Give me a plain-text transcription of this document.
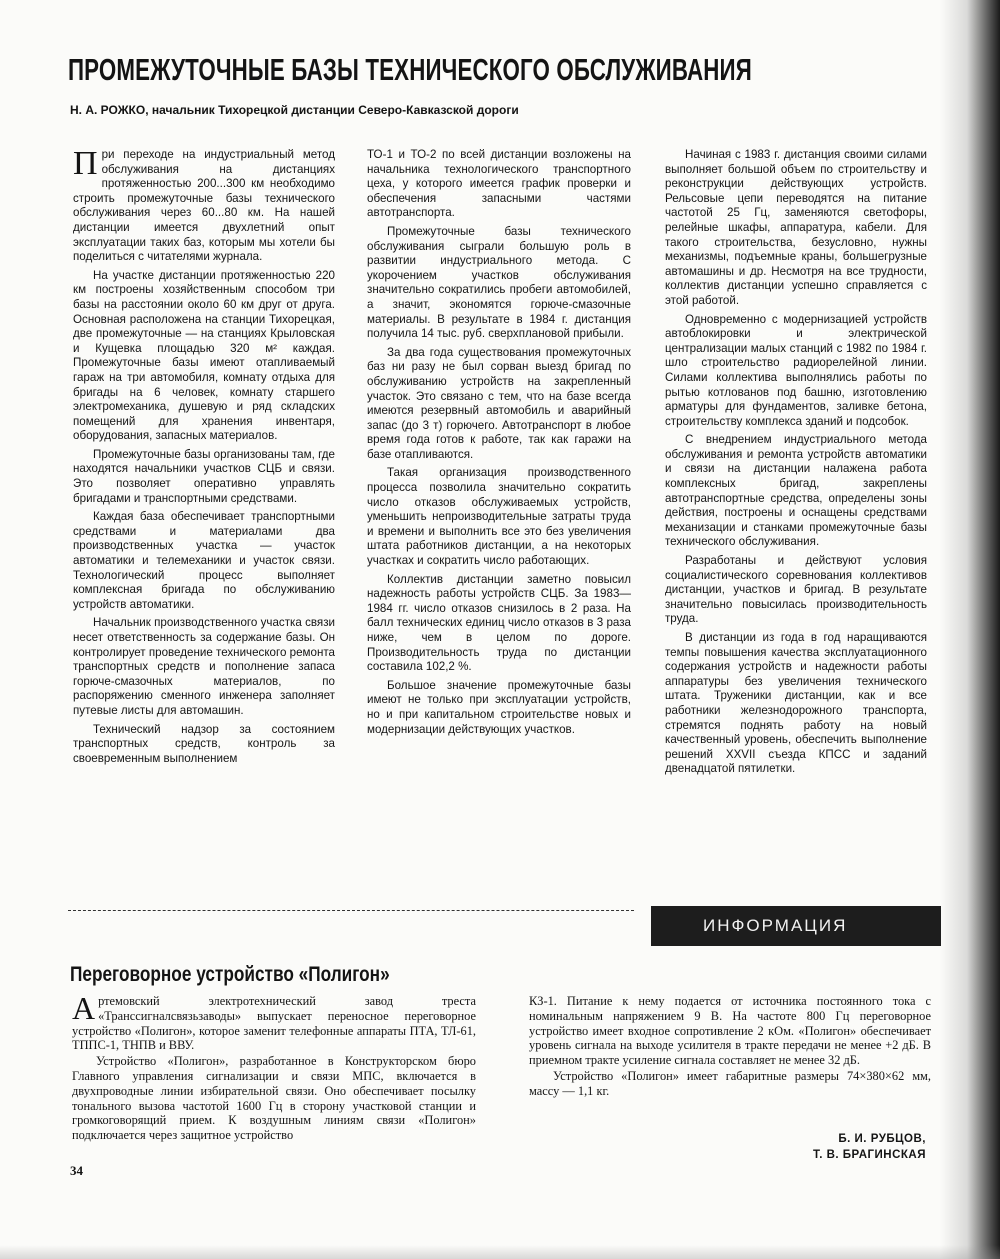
ПРОМЕЖУТОЧНЫЕ БАЗЫ ТЕХНИЧЕСКОГО ОБСЛУЖИВАНИЯ

Н. А. РОЖКО, начальник Тихорецкой дистанции Северо-Кавказской дороги

При переходе на индустриальный метод обслуживания на дистанциях протяженностью 200...300 км необходимо строить промежуточные базы технического обслуживания через 60...80 км. На нашей дистанции имеется двухлетний опыт эксплуатации таких баз, которым мы хотели бы поделиться с читателями журнала.

На участке дистанции протяженностью 220 км построены хозяйственным способом три базы на расстоянии около 60 км друг от друга. Основная расположена на станции Тихорецкая, две промежуточные — на станциях Крыловская и Кущевка площадью 320 м² каждая. Промежуточные базы имеют отапливаемый гараж на три автомобиля, комнату отдыха для бригады на 6 человек, комнату старшего электромеханика, душевую и ряд складских помещений для хранения инвентаря, оборудования, запасных материалов.

Промежуточные базы организованы там, где находятся начальники участков СЦБ и связи. Это позволяет оперативно управлять бригадами и транспортными средствами.

Каждая база обеспечивает транспортными средствами и материалами два производственных участка — участок автоматики и телемеханики и участок связи. Технологический процесс выполняет комплексная бригада по обслуживанию устройств автоматики.

Начальник производственного участка связи несет ответственность за содержание базы. Он контролирует проведение технического ремонта транспортных средств и пополнение запаса горюче-смазочных материалов, по распоряжению сменного инженера заполняет путевые листы для автомашин.

Технический надзор за состоянием транспортных средств, контроль за своевременным выполнением

ТО-1 и ТО-2 по всей дистанции возложены на начальника технологического транспортного цеха, у которого имеется график проверки и обеспечения запасными частями автотранспорта.

Промежуточные базы технического обслуживания сыграли большую роль в развитии индустриального метода. С укорочением участков обслуживания значительно сократились пробеги автомобилей, а значит, экономятся горюче-смазочные материалы. В результате в 1984 г. дистанция получила 14 тыс. руб. сверхплановой прибыли.

За два года существования промежуточных баз ни разу не был сорван выезд бригад по обслуживанию устройств на закрепленный участок. Это связано с тем, что на базе всегда имеются резервный автомобиль и аварийный запас (до 3 т) горючего. Автотранспорт в любое время года готов к работе, так как гаражи на базе отапливаются.

Такая организация производственного процесса позволила значительно сократить число отказов обслуживаемых устройств, уменьшить непроизводительные затраты труда и времени и выполнить все это без увеличения штата работников дистанции, а на некоторых участках и сократить число работающих.

Коллектив дистанции заметно повысил надежность работы устройств СЦБ. За 1983—1984 гг. число отказов снизилось в 2 раза. На балл технических единиц число отказов в 3 раза ниже, чем в целом по дороге. Производительность труда по дистанции составила 102,2 %.

Большое значение промежуточные базы имеют не только при эксплуатации устройств, но и при капитальном строительстве новых и модернизации действующих участков.

Начиная с 1983 г. дистанция своими силами выполняет большой объем по строительству и реконструкции действующих устройств. Рельсовые цепи переводятся на питание частотой 25 Гц, заменяются светофоры, релейные шкафы, аппаратура, кабели. Для такого строительства, безусловно, нужны механизмы, подъемные краны, большегрузные автомашины и др. Несмотря на все трудности, коллектив дистанции успешно справляется с этой работой.

Одновременно с модернизацией устройств автоблокировки и электрической централизации малых станций с 1982 по 1984 г. шло строительство радиорелейной линии. Силами коллектива выполнялись работы по рытью котлованов под башню, изготовлению арматуры для фундаментов, заливке бетона, строительству комплекса зданий и подсобок.

С внедрением индустриального метода обслуживания и ремонта устройств автоматики и связи на дистанции налажена работа комплексных бригад, закреплены автотранспортные средства, определены зоны действия, построены и оснащены средствами механизации и станками промежуточные базы технического обслуживания.

Разработаны и действуют условия социалистического соревнования коллективов дистанции, участков и бригад. В результате значительно повысилась производительность труда.

В дистанции из года в год наращиваются темпы повышения качества эксплуатационного содержания устройств и надежности работы аппаратуры без увеличения технического штата. Труженики дистанции, как и все работники железнодорожного транспорта, стремятся поднять работу на новый качественный уровень, обеспечить выполнение решений XXVII съезда КПСС и заданий двенадцатой пятилетки.

ИНФОРМАЦИЯ
Переговорное устройство «Полигон»

Артемовский электротехнический завод треста «Транссигналсвязьзаводы» выпускает переносное переговорное устройство «Полигон», которое заменит телефонные аппараты ПТА, ТЛ-61, ТППС-1, ТНПВ и ВВУ.

Устройство «Полигон», разработанное в Конструкторском бюро Главного управления сигнализации и связи МПС, включается в двухпроводные линии избирательной связи. Оно обеспечивает посылку тонального вызова частотой 1600 Гц в сторону участковой станции и громкоговорящий прием. К воздушным линиям связи «Полигон» подключается через защитное устройство

КЗ-1. Питание к нему подается от источника постоянного тока с номинальным напряжением 9 В. На частоте 800 Гц переговорное устройство имеет входное сопротивление 2 кОм. «Полигон» обеспечивает уровень сигнала на выходе усилителя в тракте передачи не менее +2 дБ. В приемном тракте усиление сигнала составляет не менее 32 дБ.

Устройство «Полигон» имеет габаритные размеры 74×380×62 мм, массу — 1,1 кг.

Б. И. РУБЦОВ,
Т. В. БРАГИНСКАЯ

34
